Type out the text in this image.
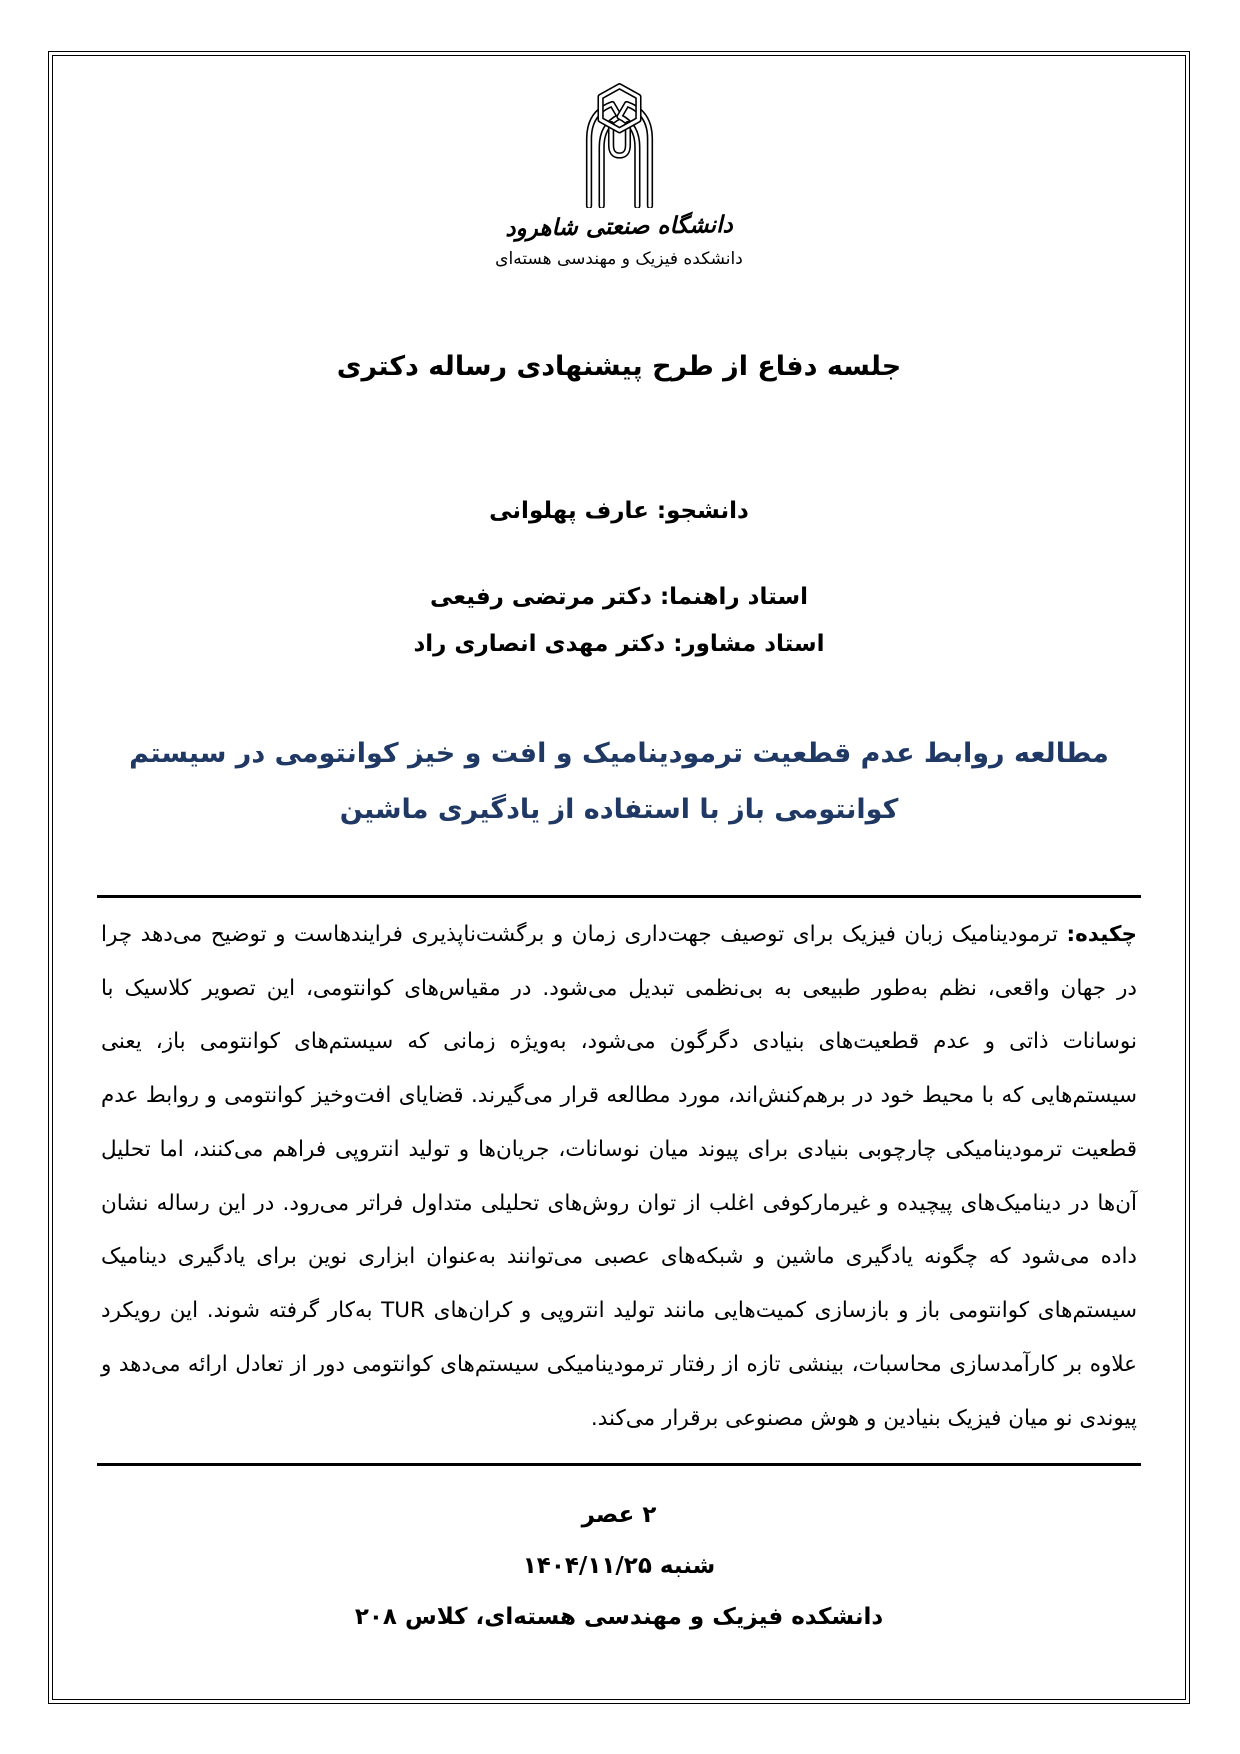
دانشگاه صنعتی شاهرود
دانشکده فیزیک و مهندسی هسته‌ای
جلسه دفاع از طرح پیشنهادی رساله دکتری
دانشجو: عارف پهلوانی
استاد راهنما: دکتر مرتضی رفیعی
استاد مشاور: دکتر مهدی انصاری راد
مطالعه روابط عدم قطعیت ترمودینامیک و افت و خیز کوانتومی در سیستم کوانتومی باز با استفاده از یادگیری ماشین
چکیده: ترمودینامیک زبان فیزیک برای توصیف جهت‌داری زمان و برگشت‌ناپذیری فرایندهاست و توضیح می‌دهد چرا در جهان واقعی، نظم به‌طور طبیعی به بی‌نظمی تبدیل می‌شود. در مقیاس‌های کوانتومی، این تصویر کلاسیک با نوسانات ذاتی و عدم قطعیت‌های بنیادی دگرگون می‌شود، به‌ویژه زمانی که سیستم‌های کوانتومی باز، یعنی سیستم‌هایی که با محیط خود در برهم‌کنش‌اند، مورد مطالعه قرار می‌گیرند. قضایای افت‌وخیز کوانتومی و روابط عدم قطعیت ترمودینامیکی چارچوبی بنیادی برای پیوند میان نوسانات، جریان‌ها و تولید انتروپی فراهم می‌کنند، اما تحلیل آن‌ها در دینامیک‌های پیچیده و غیرمارکوفی اغلب از توان روش‌های تحلیلی متداول فراتر می‌رود. در این رساله نشان داده می‌شود که چگونه یادگیری ماشین و شبکه‌های عصبی می‌توانند به‌عنوان ابزاری نوین برای یادگیری دینامیک سیستم‌های کوانتومی باز و بازسازی کمیت‌هایی مانند تولید انتروپی و کران‌های TUR به‌کار گرفته شوند. این رویکرد علاوه بر کارآمدسازی محاسبات، بینشی تازه از رفتار ترمودینامیکی سیستم‌های کوانتومی دور از تعادل ارائه می‌دهد و پیوندی نو میان فیزیک بنیادین و هوش مصنوعی برقرار می‌کند.
۲ عصر
شنبه ۱۴۰۴/۱۱/۲۵
دانشکده فیزیک و مهندسی هسته‌ای، کلاس ۲۰۸
